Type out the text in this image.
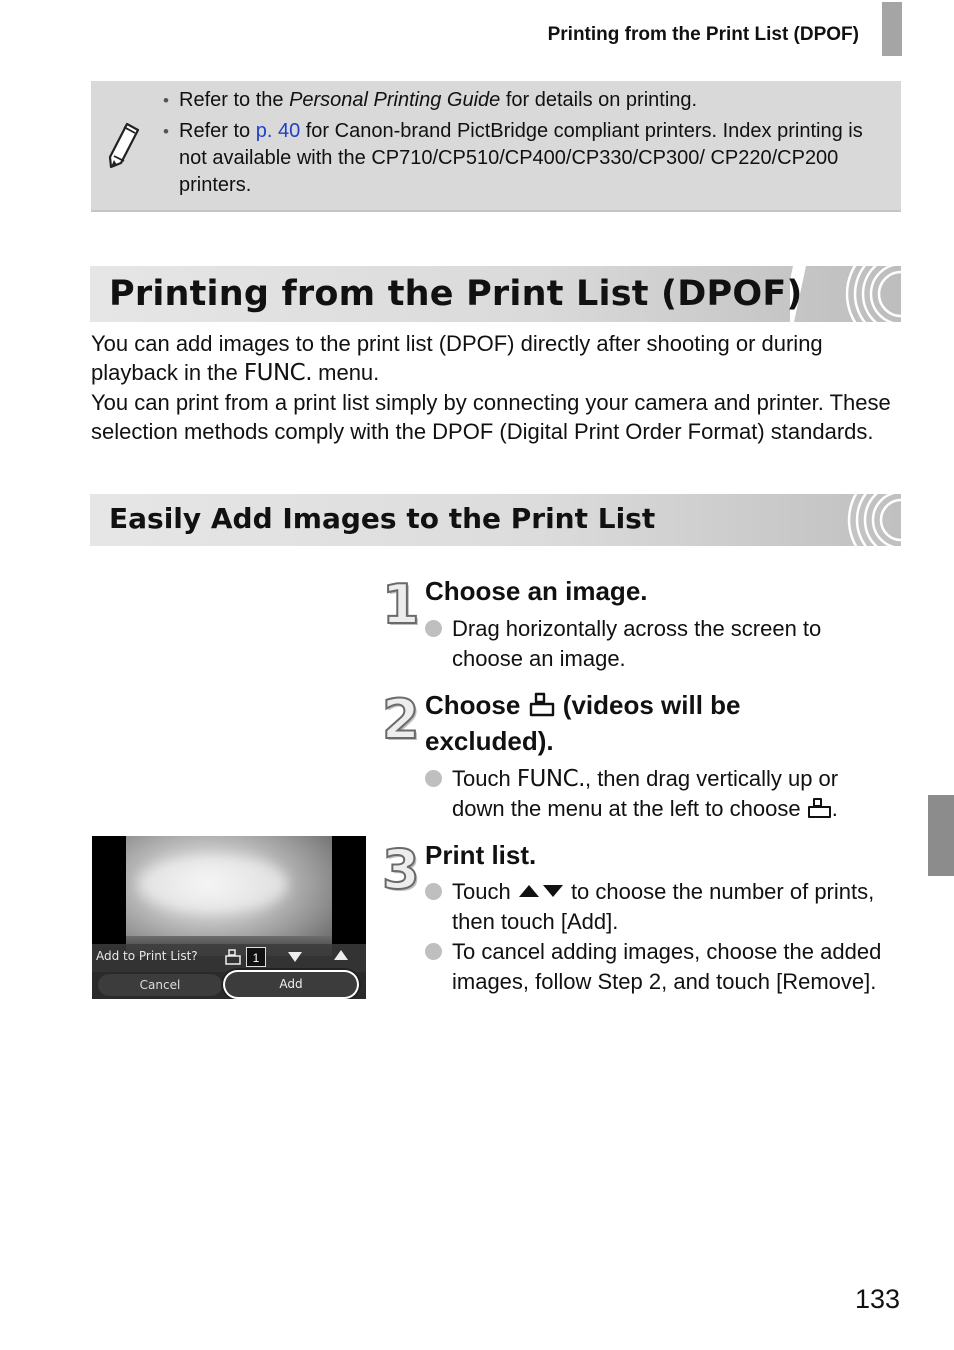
Printing from the Print List (DPOF)
• Refer to the Personal Printing Guide for details on printing.
• Refer to p. 40 for Canon-brand PictBridge compliant printers. Index printing is not available with the CP710/CP510/CP400/CP330/CP300/ CP220/CP200 printers.
Printing from the Print List (DPOF)

You can add images to the print list (DPOF) directly after shooting or during playback in the FUNC. menu.

You can print from a print list simply by connecting your camera and printer. These selection methods comply with the DPOF (Digital Print Order Format) standards.

Easily Add Images to the Print List
1 Choose an image.
Drag horizontally across the screen to choose an image.
2 Choose  (videos will be excluded).
Touch FUNC., then drag vertically up or down the menu at the left to choose .
Add to Print List?	1
Cancel	Add
3 Print list.
Touch  to choose the number of prints, then touch [Add].
To cancel adding images, choose the added images, follow Step 2, and touch [Remove].
133
